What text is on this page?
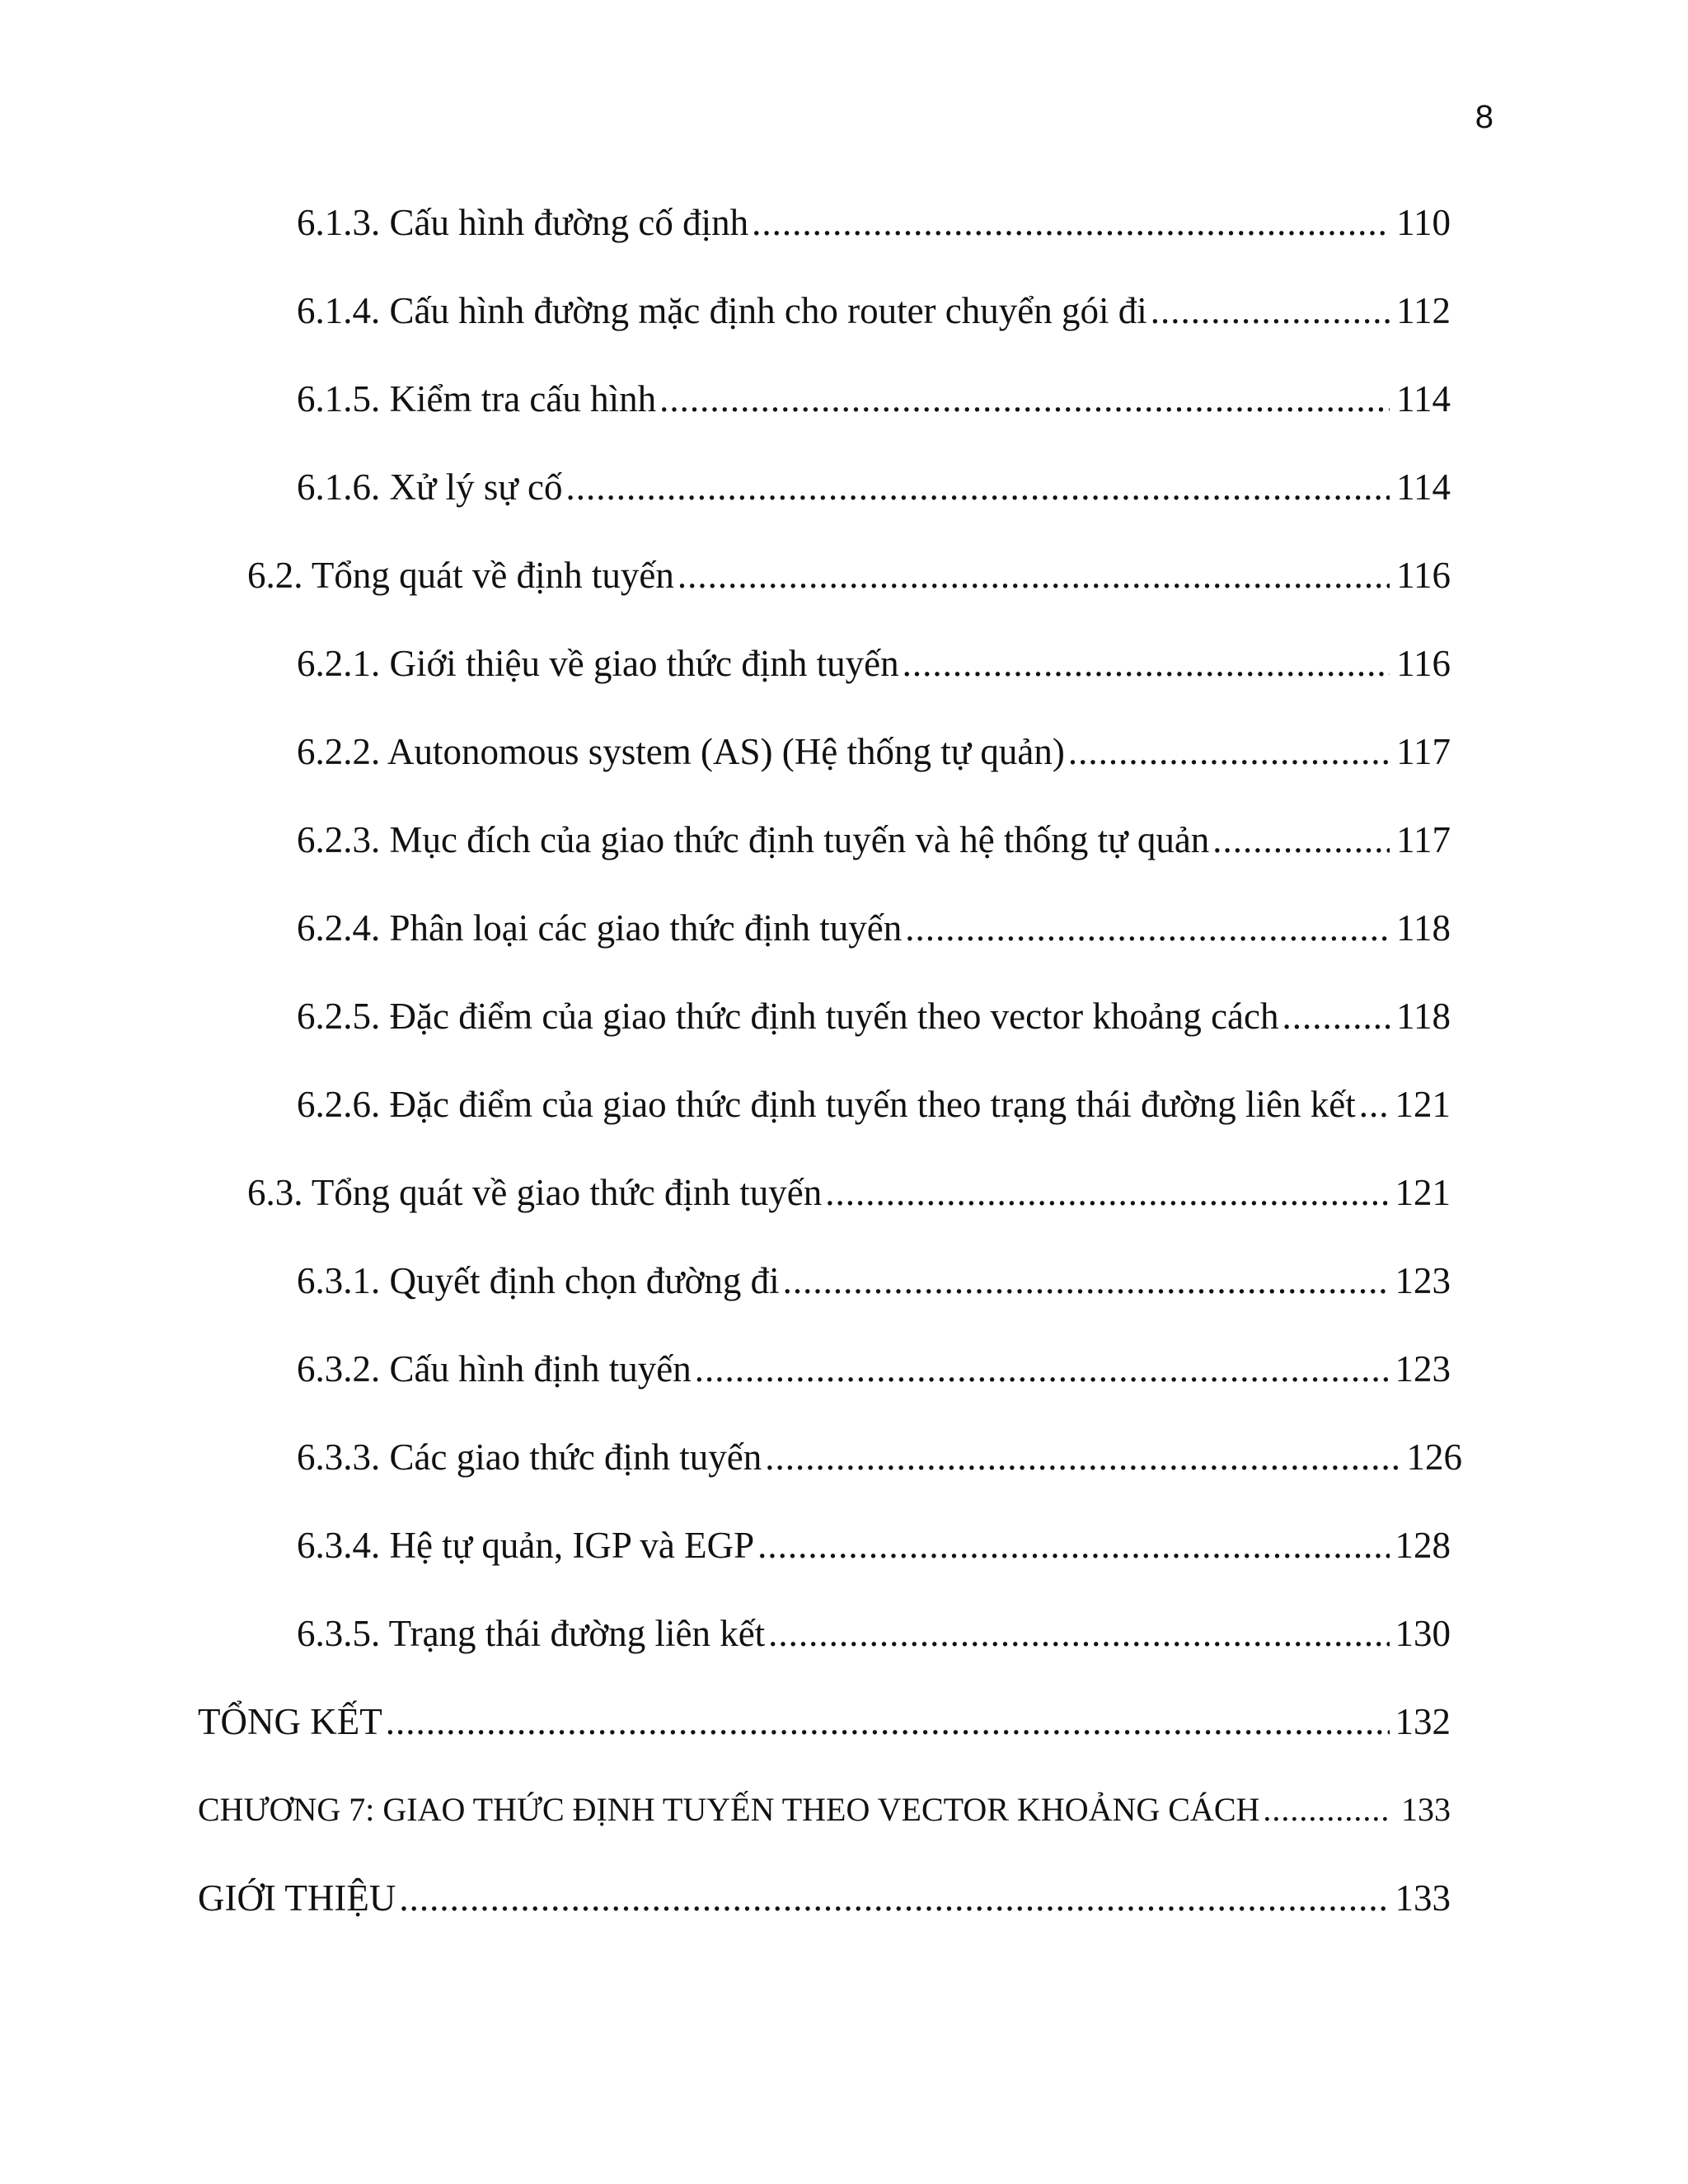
8
6.1.3. Cấu hình đường cố định .....	110
6.1.4. Cấu hình đường mặc định cho router chuyển gói đi .....	112
6.1.5. Kiểm tra cấu hình .....	114
6.1.6. Xử lý sự cố .....	114
6.2. Tổng quát về định tuyến .....	116
6.2.1. Giới thiệu về giao thức định tuyến .....	116
6.2.2. Autonomous system (AS) (Hệ thống tự quản) .....	117
6.2.3. Mục đích của giao thức định tuyến và hệ thống tự quản .....	117
6.2.4. Phân loại các giao thức định tuyến .....	118
6.2.5. Đặc điểm của giao thức định tuyến theo vector khoảng cách .....	118
6.2.6. Đặc điểm của giao thức định tuyến theo trạng thái đường liên kết ..... 121
6.3. Tổng quát về giao thức định tuyến .....	121
6.3.1. Quyết định chọn đường đi .....	123
6.3.2. Cấu hình định tuyến .....	123
6.3.3. Các giao thức định tuyến .....	126
6.3.4. Hệ tự quản, IGP và EGP .....	128
6.3.5. Trạng thái đường liên kết .....	130
TỔNG KẾT .....	132
CHƯƠNG 7: GIAO THỨC ĐỊNH TUYẾN THEO VECTOR KHOẢNG CÁCH .....	133
GIỚI THIỆU .....	133
